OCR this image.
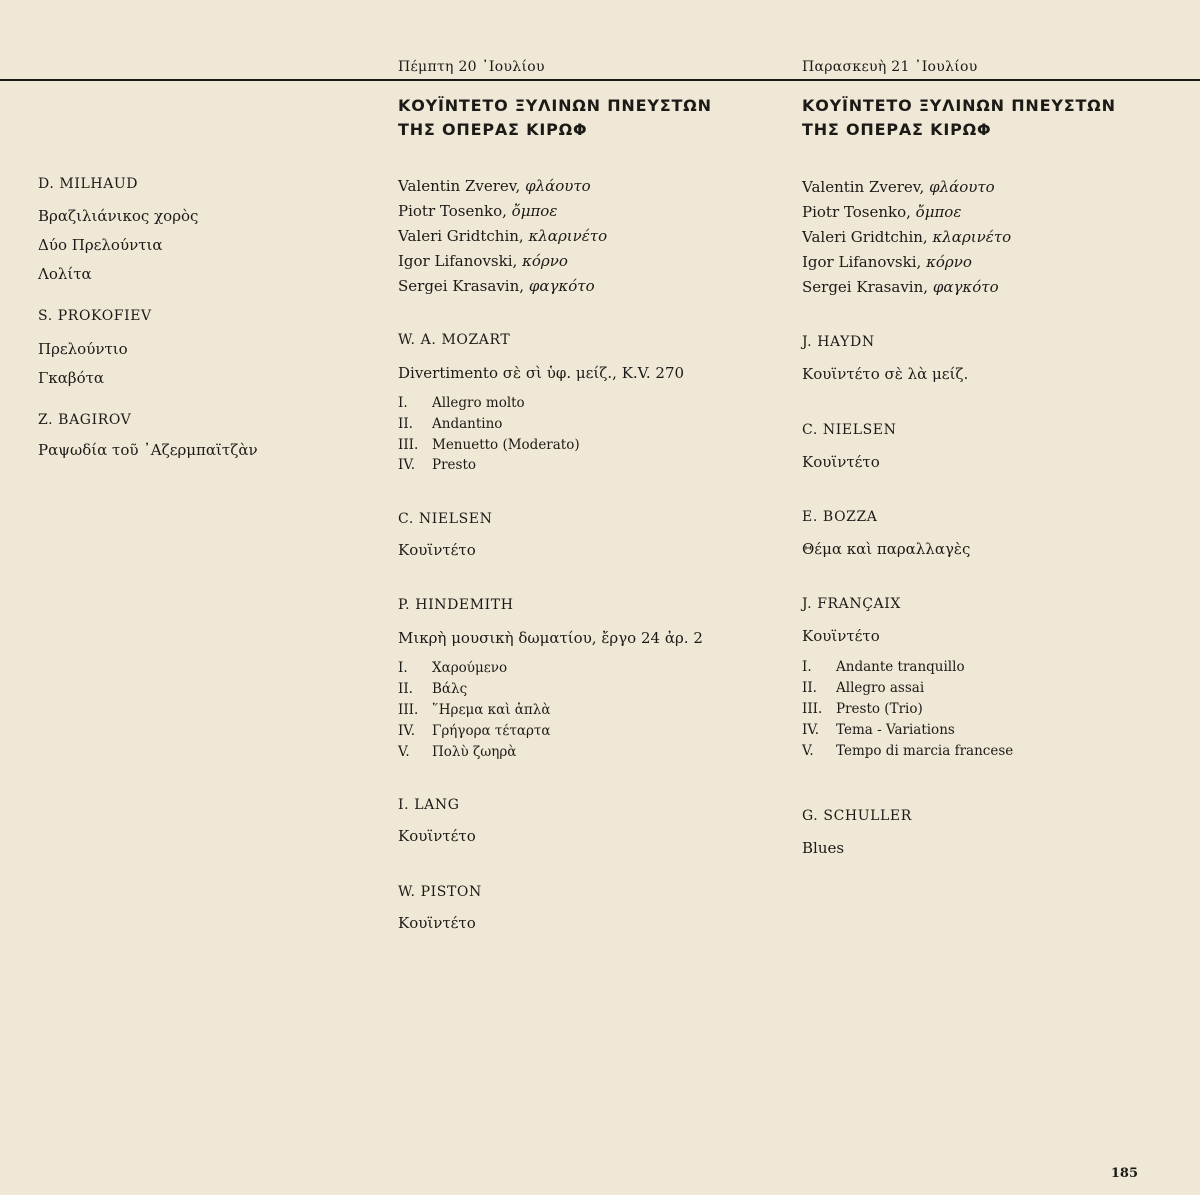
Πέμπτη 20 ᾽Ιουλίου	Παρασκευὴ 21 ᾽Ιουλίου
D. MILHAUD
Βραζιλιάνικος χορὸς
Δύο Πρελούντια
Λολίτα
S. PROKOFIEV
Πρελούντιο
Γκαβότα
Z. BAGIROV
Ραψωδία τοῦ ᾽Αζερμπαϊτζὰν
ΚΟΥΪΝΤΕΤΟ ΞΥΛΙΝΩΝ ΠΝΕΥΣΤΩΝ
ΤΗΣ ΟΠΕΡΑΣ ΚΙΡΩΦ
Valentin Zverev, φλάουτο
Piotr Tosenko, ὄμποε
Valeri Gridtchin, κλαρινέτο
Igor Lifanovski, κόρνο
Sergei Krasavin, φαγκότο
W. A. MOZART
Divertimento σὲ σὶ ὑφ. μείζ., K.V. 270
I. Allegro molto
II. Andantino
III. Menuetto (Moderato)
IV. Presto
C. NIELSEN
Κουϊντέτο
P. HINDEMITH
Μικρὴ μουσικὴ δωματίου, ἔργο 24 ἀρ. 2
I. Χαρούμενο
II. Βάλς
III. ῞Ηρεμα καὶ ἁπλὰ
IV. Γρήγορα τέταρτα
V. Πολὺ ζωηρὰ
I. LANG
Κουϊντέτο
W. PISTON
Κουϊντέτο
ΚΟΥΪΝΤΕΤΟ ΞΥΛΙΝΩΝ ΠΝΕΥΣΤΩΝ
ΤΗΣ ΟΠΕΡΑΣ ΚΙΡΩΦ
Valentin Zverev, φλάουτο
Piotr Tosenko, ὄμποε
Valeri Gridtchin, κλαρινέτο
Igor Lifanovski, κόρνο
Sergei Krasavin, φαγκότο
J. HAYDN
Κουϊντέτο σὲ λὰ μείζ.
C. NIELSEN
Κουϊντέτο
E. BOZZA
Θέμα καὶ παραλλαγὲς
J. FRANÇAIX
Κουϊντέτο
I. Andante tranquillo
II. Allegro assai
III. Presto (Trio)
IV. Tema - Variations
V. Tempo di marcia francese
G. SCHULLER
Blues
185
